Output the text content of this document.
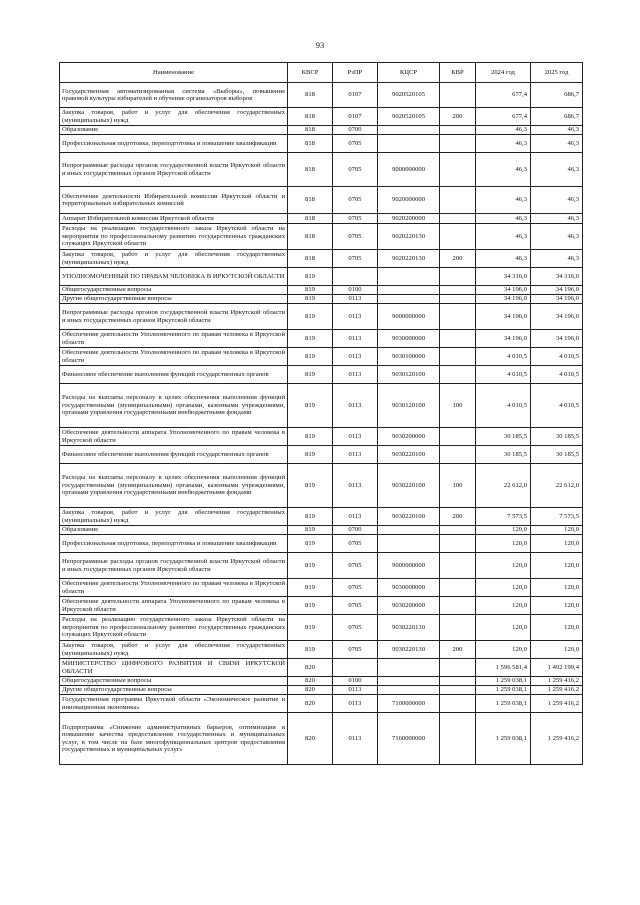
93
Наименование	КВСР	РзПР	КЦСР	КВР	2024 год	2025 год
Государственная автоматизированная система «Выборы», повышение правовой культуры избирателей и обучение организаторов выборов	818	0107	9020520105		677,4	686,7
Закупка товаров, работ и услуг для обеспечения государственных (муниципальных) нужд	818	0107	9020520105	200	677,4	686,7
Образование	818	0700			46,3	46,3
Профессиональная подготовка, переподготовка и повышение квалификации	818	0705			46,3	46,3
Непрограммные расходы органов государственной власти Иркутской области и иных государственных органов Иркутской области	818	0705	9000000000		46,3	46,3
Обеспечение деятельности Избирательной комиссии Иркутской области и территориальных избирательных комиссий	818	0705	9020000000		46,3	46,3
Аппарат Избирательной комиссии Иркутской области	818	0705	9020200000		46,3	46,3
Расходы на реализацию государственного заказа Иркутской области на мероприятия по профессиональному развитию государственных гражданских служащих Иркутской области	818	0705	9020220130		46,3	46,3
Закупка товаров, работ и услуг для обеспечения государственных (муниципальных) нужд	818	0705	9020220130	200	46,3	46,3
УПОЛНОМОЧЕННЫЙ ПО ПРАВАМ ЧЕЛОВЕКА В ИРКУТСКОЙ ОБЛАСТИ	819				34 316,0	34 316,0
Общегосударственные вопросы	819	0100			34 196,0	34 196,0
Другие общегосударственные вопросы	819	0113			34 196,0	34 196,0
Непрограммные расходы органов государственной власти Иркутской области и иных государственных органов Иркутской области	819	0113	9000000000		34 196,0	34 196,0
Обеспечение деятельности Уполномоченного по правам человека в Иркутской области	819	0113	9030000000		34 196,0	34 196,0
Обеспечение деятельности Уполномоченного по правам человека в Иркутской области	819	0113	9030100000		4 010,5	4 010,5
Финансовое обеспечение выполнения функций государственных органов	819	0113	9030120100		4 010,5	4 010,5
Расходы на выплаты персоналу в целях обеспечения выполнения функций государственными (муниципальными) органами, казенными учреждениями, органами управления государственными внебюджетными фондами	819	0113	9030120100	100	4 010,5	4 010,5
Обеспечение деятельности аппарата Уполномоченного по правам человека в Иркутской области	819	0113	9030200000		30 185,5	30 185,5
Финансовое обеспечение выполнения функций государственных органов	819	0113	9030220100		30 185,5	30 185,5
Расходы на выплаты персоналу в целях обеспечения выполнения функций государственными (муниципальными) органами, казенными учреждениями, органами управления государственными внебюджетными фондами	819	0113	9030220100	100	22 612,0	22 612,0
Закупка товаров, работ и услуг для обеспечения государственных (муниципальных) нужд	819	0113	9030220100	200	7 573,5	7 573,5
Образование	819	0700			120,0	120,0
Профессиональная подготовка, переподготовка и повышение квалификации	819	0705			120,0	120,0
Непрограммные расходы органов государственной власти Иркутской области и иных государственных органов Иркутской области	819	0705	9000000000		120,0	120,0
Обеспечение деятельности Уполномоченного по правам человека в Иркутской области	819	0705	9030000000		120,0	120,0
Обеспечение деятельности аппарата Уполномоченного по правам человека в Иркутской области	819	0705	9030200000		120,0	120,0
Расходы на реализацию государственного заказа Иркутской области на мероприятия по профессиональному развитию государственных гражданских служащих Иркутской области	819	0705	9030220130		120,0	120,0
Закупка товаров, работ и услуг для обеспечения государственных (муниципальных) нужд	819	0705	9030220130	200	120,0	120,0
МИНИСТЕРСТВО ЦИФРОВОГО РАЗВИТИЯ И СВЯЗИ ИРКУТСКОЙ ОБЛАСТИ	820				1 596 581,4	1 492 199,4
Общегосударственные вопросы	820	0100			1 259 038,1	1 259 416,2
Другие общегосударственные вопросы	820	0113			1 259 038,1	1 259 416,2
Государственная программа Иркутской области «Экономическое развитие и инновационная экономика»	820	0113	7100000000		1 259 038,1	1 259 416,2
Подпрограмма «Снижение административных барьеров, оптимизация и повышение качества предоставления государственных и муниципальных услуг, в том числе на базе многофункциональных центров предоставления государственных и муниципальных услуг»	820	0113	7160000000		1 259 038,1	1 259 416,2
